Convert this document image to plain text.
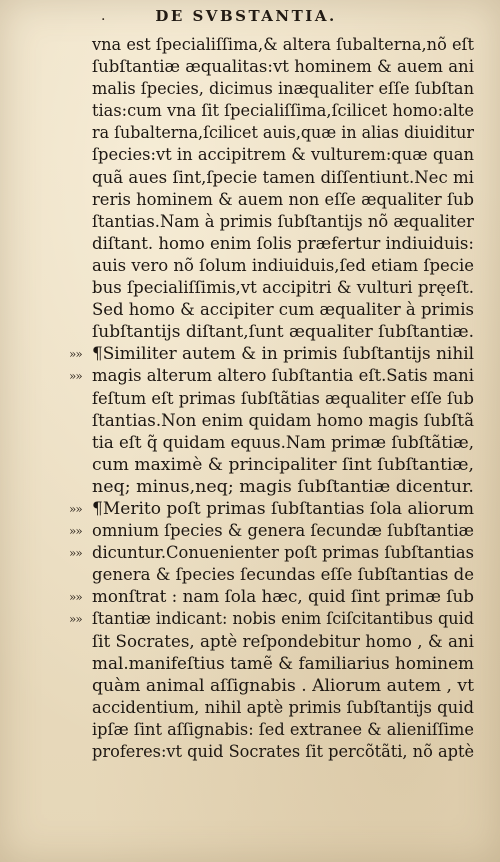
.	DE SVBSTANTIA.
vna est ſpecialiſſima,& altera ſubalterna,nõ eſt
ſubſtantiæ æqualitas:vt hominem & auem ani
malis ſpecies, dicimus inæqualiter eſſe ſubſtan
tias:cum vna ſit ſpecialiſſima,ſcilicet homo:alte
ra ſubalterna,ſcilicet auis,quæ in alias diuiditur
ſpecies:vt in accipitrem & vulturem:quæ quan
quã aues ſint,ſpecie tamen diſſentiunt.Nec mi
reris hominem & auem non eſſe æqualiter ſub
ſtantias.Nam à primis ſubſtantijs nõ æqualiter
diſtant. homo enim ſolis præfertur indiuiduis:
auis vero nõ ſolum indiuiduis,ſed etiam ſpecie
bus ſpecialiſſimis,vt accipitri & vulturi pręeſt.
Sed homo & accipiter cum æqualiter à primis
ſubſtantijs diſtant,ſunt æqualiter ſubſtantiæ.
»» ¶Similiter autem & in primis ſubſtantijs nihil
»» magis alterum altero ſubſtantia eſt.Satis mani
feſtum eſt primas ſubſtãtias æqualiter eſſe ſub
ſtantias.Non enim quidam homo magis ſubſtã
tia eſt q̃ quidam equus.Nam primæ ſubſtãtiæ,
cum maximè & principaliter ſint ſubſtantiæ,
neq; minus,neq; magis ſubſtantiæ dicentur.
»» ¶Merito poſt primas ſubſtantias ſola aliorum
»» omnium ſpecies & genera ſecundæ ſubſtantiæ
»» dicuntur.Conuenienter poſt primas ſubſtantias
genera & ſpecies ſecundas eſſe ſubſtantias de
»» monſtrat : nam ſola hæc, quid ſint primæ ſub
»» ſtantiæ indicant: nobis enim ſciſcitantibus quid
ſit Socrates, aptè reſpondebitur homo , & ani
mal.manifeſtius tamẽ & familiarius hominem
quàm animal aſſignabis . Aliorum autem , vt
accidentium, nihil aptè primis ſubſtantijs quid
ipſæ ſint aſſignabis: ſed extranee & alieniſſime
proferes:vt quid Socrates ſit percõtãti, nõ aptè
